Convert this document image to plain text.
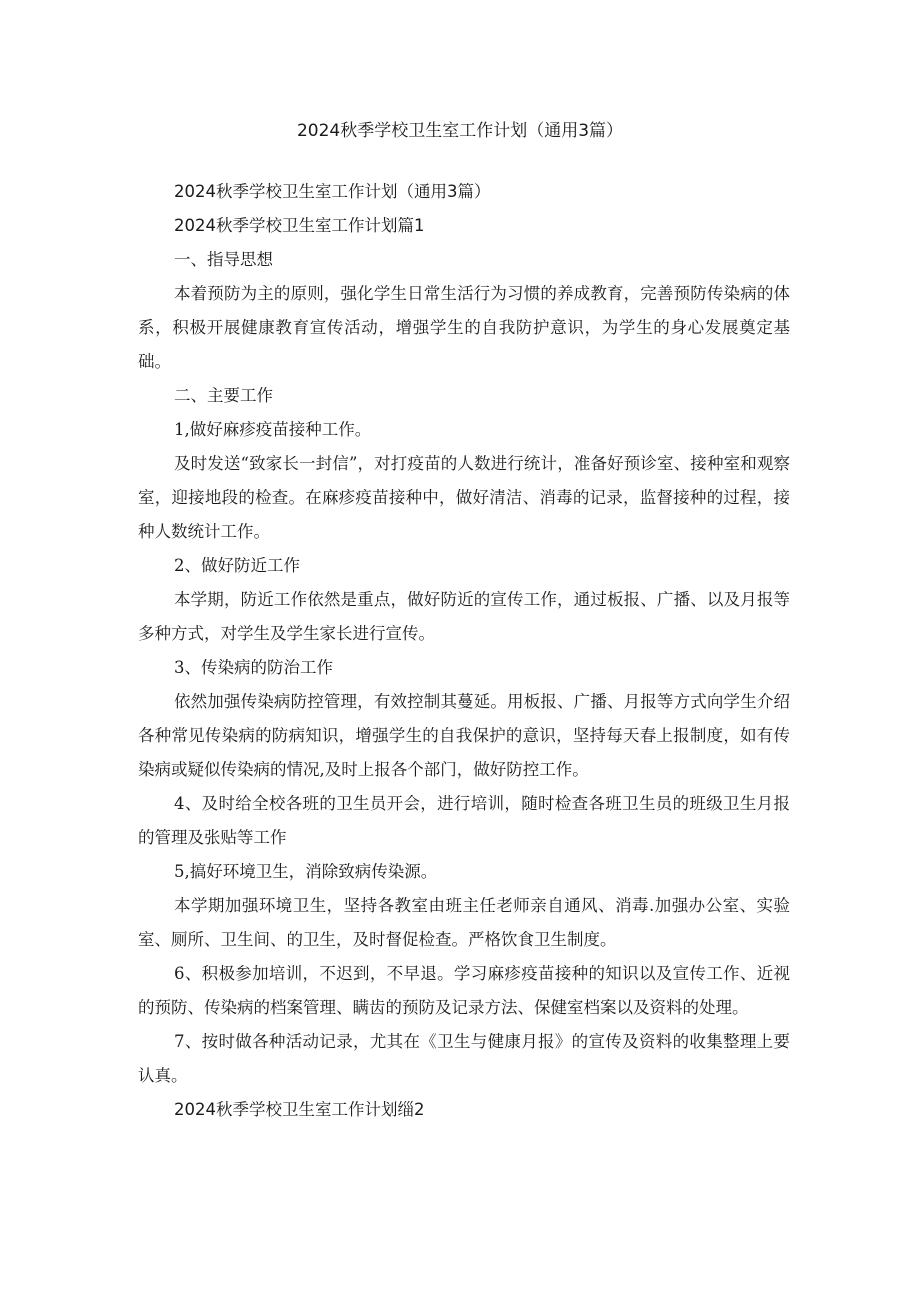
2024秋季学校卫生室工作计划（通用3篇）

2024秋季学校卫生室工作计划（通用3篇）

2024秋季学校卫生室工作计划篇1

一、指导思想

本着预防为主的原则，强化学生日常生活行为习惯的养成教育，完善预防传染病的体系，积极开展健康教育宣传活动，增强学生的自我防护意识，为学生的身心发展奠定基础。

二、主要工作

1,做好麻疹疫苗接种工作。

及时发送“致家长一封信”，对打疫苗的人数进行统计，准备好预诊室、接种室和观察室，迎接地段的检查。在麻疹疫苗接种中，做好清洁、消毒的记录，监督接种的过程，接种人数统计工作。

2、做好防近工作

本学期，防近工作依然是重点，做好防近的宣传工作，通过板报、广播、以及月报等多种方式，对学生及学生家长进行宣传。

3、传染病的防治工作

依然加强传染病防控管理，有效控制其蔓延。用板报、广播、月报等方式向学生介绍各种常见传染病的防病知识，增强学生的自我保护的意识，坚持每天春上报制度，如有传染病或疑似传染病的情况,及时上报各个部门，做好防控工作。

4、及时给全校各班的卫生员开会，进行培训，随时检查各班卫生员的班级卫生月报的管理及张贴等工作

5,搞好环境卫生，消除致病传染源。

本学期加强环境卫生，坚持各教室由班主任老师亲自通风、消毒.加强办公室、实验室、厕所、卫生间、的卫生，及时督促检查。严格饮食卫生制度。

6、积极参加培训，不迟到，不早退。学习麻疹疫苗接种的知识以及宣传工作、近视的预防、传染病的档案管理、瞒齿的预防及记录方法、保健室档案以及资料的处理。

7、按时做各种活动记录，尤其在《卫生与健康月报》的宣传及资料的收集整理上要认真。

2024秋季学校卫生室工作计划缁2
